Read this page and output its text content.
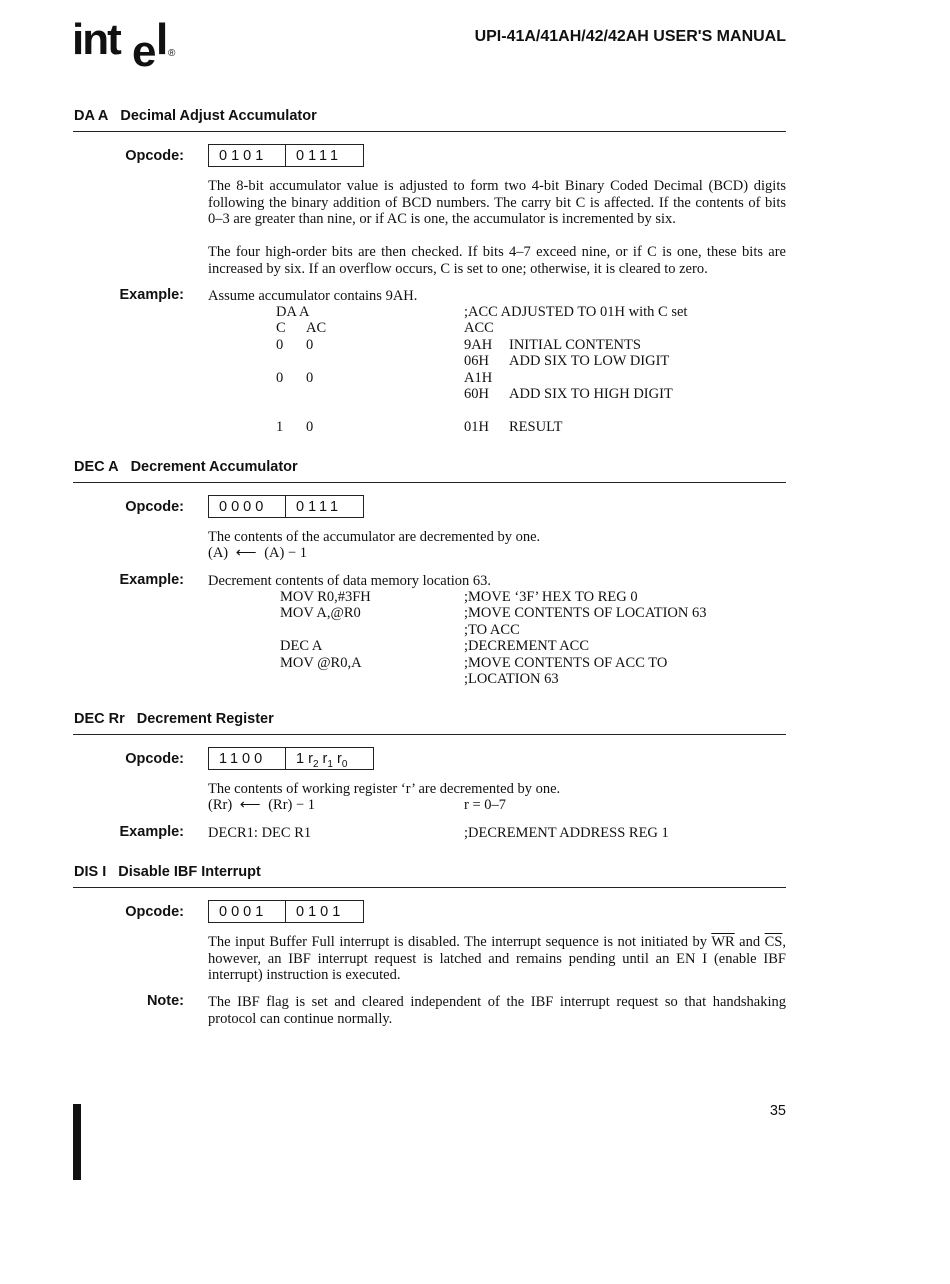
int e l ®
UPI-41A/41AH/42/42AH USER'S MANUAL
DA A Decimal Adjust Accumulator
Opcode:	0101	0111
The 8-bit accumulator value is adjusted to form two 4-bit Binary Coded Decimal (BCD) digits following the binary addition of BCD numbers. The carry bit C is affected. If the contents of bits 0–3 are greater than nine, or if AC is one, the accumulator is incremented by six.
The four high-order bits are then checked. If bits 4–7 exceed nine, or if C is one, these bits are increased by six. If an overflow occurs, C is set to one; otherwise, it is cleared to zero.
Example: Assume accumulator contains 9AH.
DA A	;ACC ADJUSTED TO 01H with C set
C AC	ACC
0 0	9AH INITIAL CONTENTS
06H ADD SIX TO LOW DIGIT
0 0	A1H
60H ADD SIX TO HIGH DIGIT
1 0	01H RESULT
DEC A Decrement Accumulator
Opcode:	0000	0111
The contents of the accumulator are decremented by one.
(A) ⟵ (A) − 1
Example: Decrement contents of data memory location 63.
MOV R0,#3FH	;MOVE ‘3F’ HEX TO REG 0
MOV A,@R0	;MOVE CONTENTS OF LOCATION 63
;TO ACC
DEC A	;DECREMENT ACC
MOV @R0,A	;MOVE CONTENTS OF ACC TO
;LOCATION 63
DEC Rr Decrement Register
Opcode:	1100	1 $r_2$ $r_1$ $r_0$
The contents of working register ‘r’ are decremented by one.
(Rr) ⟵ (Rr) − 1	r = 0–7
Example: DECR1: DEC R1	;DECREMENT ADDRESS REG 1
DIS I Disable IBF Interrupt
Opcode:	0001	0101
The input Buffer Full interrupt is disabled. The interrupt sequence is not initiated by $\overline{WR}$ and $\overline{CS}$, however, an IBF interrupt request is latched and remains pending until an EN I (enable IBF interrupt) instruction is executed.
Note: The IBF flag is set and cleared independent of the IBF interrupt request so that handshaking protocol can continue normally.
35
